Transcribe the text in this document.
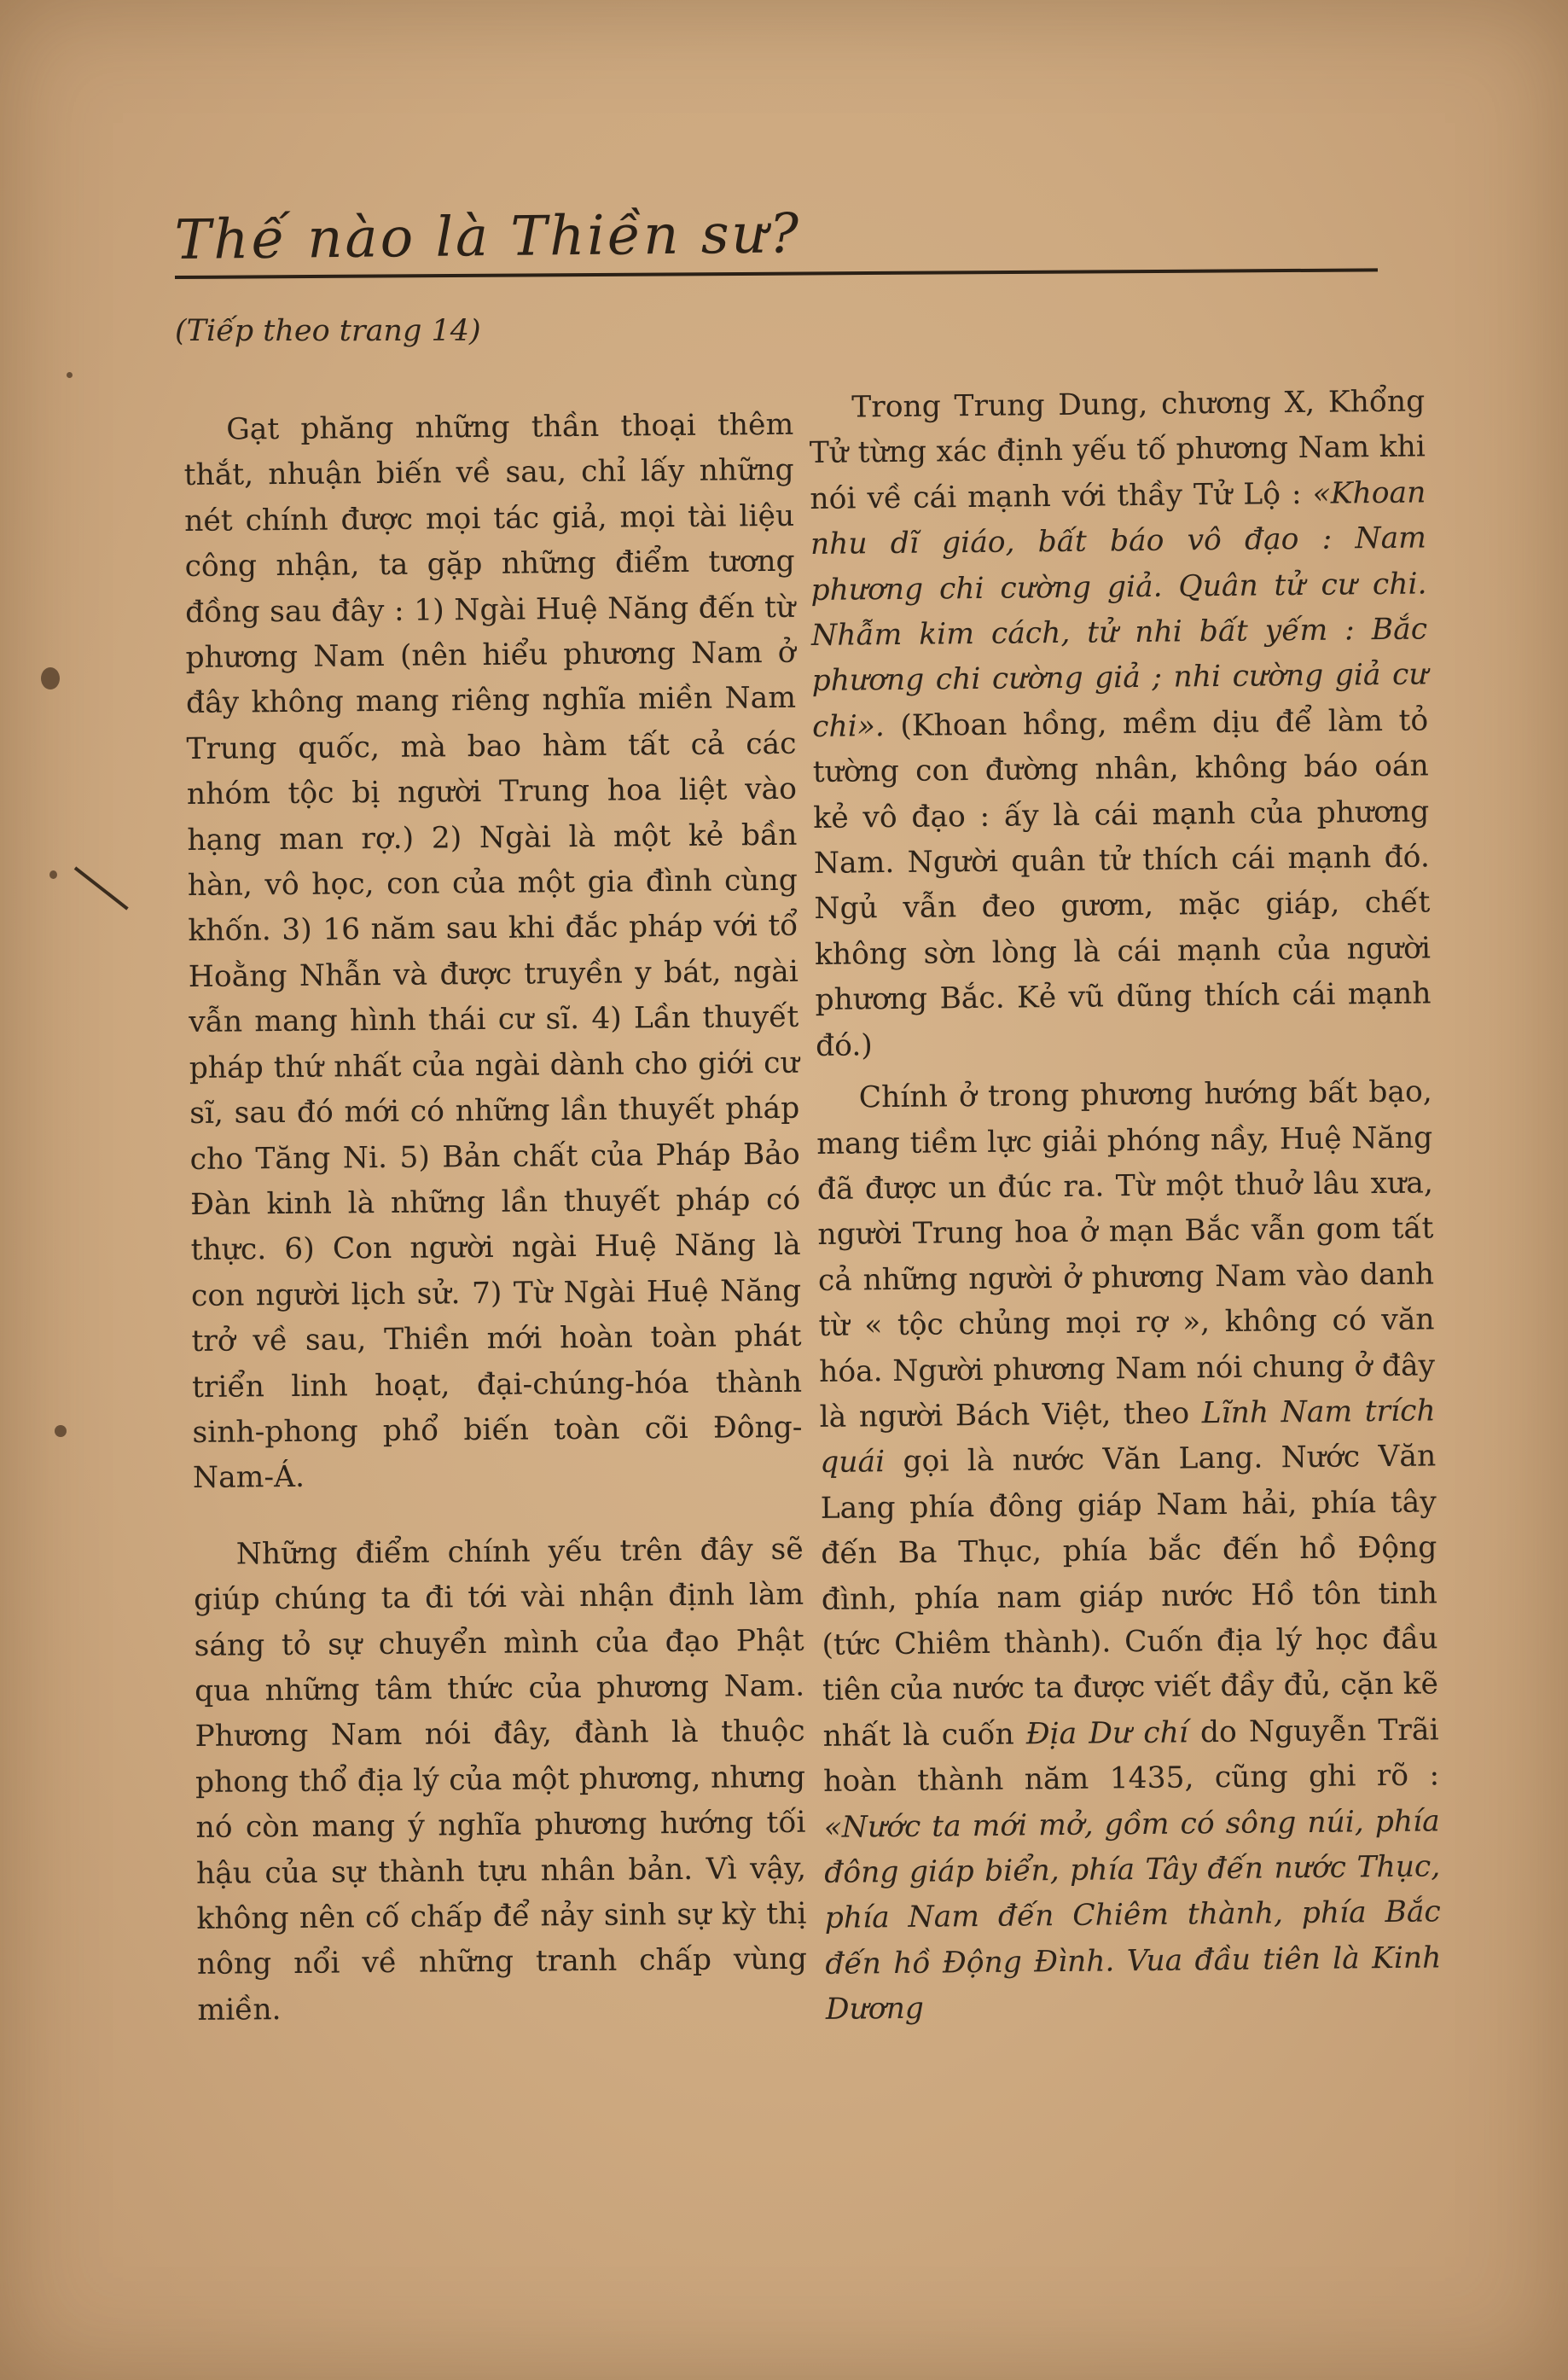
Thế nào là Thiền sư?
(Tiếp theo trang 14)

Gạt phăng những thần thoại thêm thắt, nhuận biến về sau, chỉ lấy những nét chính được mọi tác giả, mọi tài liệu công nhận, ta gặp những điểm tương đồng sau đây : 1) Ngài Huệ Năng đến từ phương Nam (nên hiểu phương Nam ở đây không mang riêng nghĩa miền Nam Trung quốc, mà bao hàm tất cả các nhóm tộc bị người Trung hoa liệt vào hạng man rợ.) 2) Ngài là một kẻ bần hàn, vô học, con của một gia đình cùng khốn. 3) 16 năm sau khi đắc pháp với tổ Hoằng Nhẫn và được truyền y bát, ngài vẫn mang hình thái cư sĩ. 4) Lần thuyết pháp thứ nhất của ngài dành cho giới cư sĩ, sau đó mới có những lần thuyết pháp cho Tăng Ni. 5) Bản chất của Pháp Bảo Đàn kinh là những lần thuyết pháp có thực. 6) Con người ngài Huệ Năng là con người lịch sử. 7) Từ Ngài Huệ Năng trở về sau, Thiền mới hoàn toàn phát triển linh hoạt, đại-chúng-hóa thành sinh-phong phổ biến toàn cõi Đông-Nam-Á.

Những điểm chính yếu trên đây sẽ giúp chúng ta đi tới vài nhận định làm sáng tỏ sự chuyển mình của đạo Phật qua những tâm thức của phương Nam. Phương Nam nói đây, đành là thuộc phong thổ địa lý của một phương, nhưng nó còn mang ý nghĩa phương hướng tối hậu của sự thành tựu nhân bản. Vì vậy, không nên cố chấp để nảy sinh sự kỳ thị nông nổi về những tranh chấp vùng miền.

Trong Trung Dung, chương X, Khổng Tử từng xác định yếu tố phương Nam khi nói về cái mạnh với thầy Tử Lộ : «Khoan nhu dĩ giáo, bất báo vô đạo : Nam phương chi cường giả. Quân tử cư chi. Nhẫm kim cách, tử nhi bất yếm : Bắc phương chi cường giả ; nhi cường giả cư chi». (Khoan hồng, mềm dịu để làm tỏ tường con đường nhân, không báo oán kẻ vô đạo : ấy là cái mạnh của phương Nam. Người quân tử thích cái mạnh đó. Ngủ vẫn đeo gươm, mặc giáp, chết không sờn lòng là cái mạnh của người phương Bắc. Kẻ vũ dũng thích cái mạnh đó.)

Chính ở trong phương hướng bất bạo, mang tiềm lực giải phóng nầy, Huệ Năng đã được un đúc ra. Từ một thuở lâu xưa, người Trung hoa ở mạn Bắc vẫn gom tất cả những người ở phương Nam vào danh từ « tộc chủng mọi rợ », không có văn hóa. Người phương Nam nói chung ở đây là người Bách Việt, theo Lĩnh Nam trích quái gọi là nước Văn Lang. Nước Văn Lang phía đông giáp Nam hải, phía tây đến Ba Thục, phía bắc đến hồ Động đình, phía nam giáp nước Hồ tôn tinh (tức Chiêm thành). Cuốn địa lý học đầu tiên của nước ta được viết đầy đủ, cặn kẽ nhất là cuốn Địa Dư chí do Nguyễn Trãi hoàn thành năm 1435, cũng ghi rõ : «Nước ta mới mở, gồm có sông núi, phía đông giáp biển, phía Tây đến nước Thục, phía Nam đến Chiêm thành, phía Bắc đến hồ Động Đình. Vua đầu tiên là Kinh Dương
